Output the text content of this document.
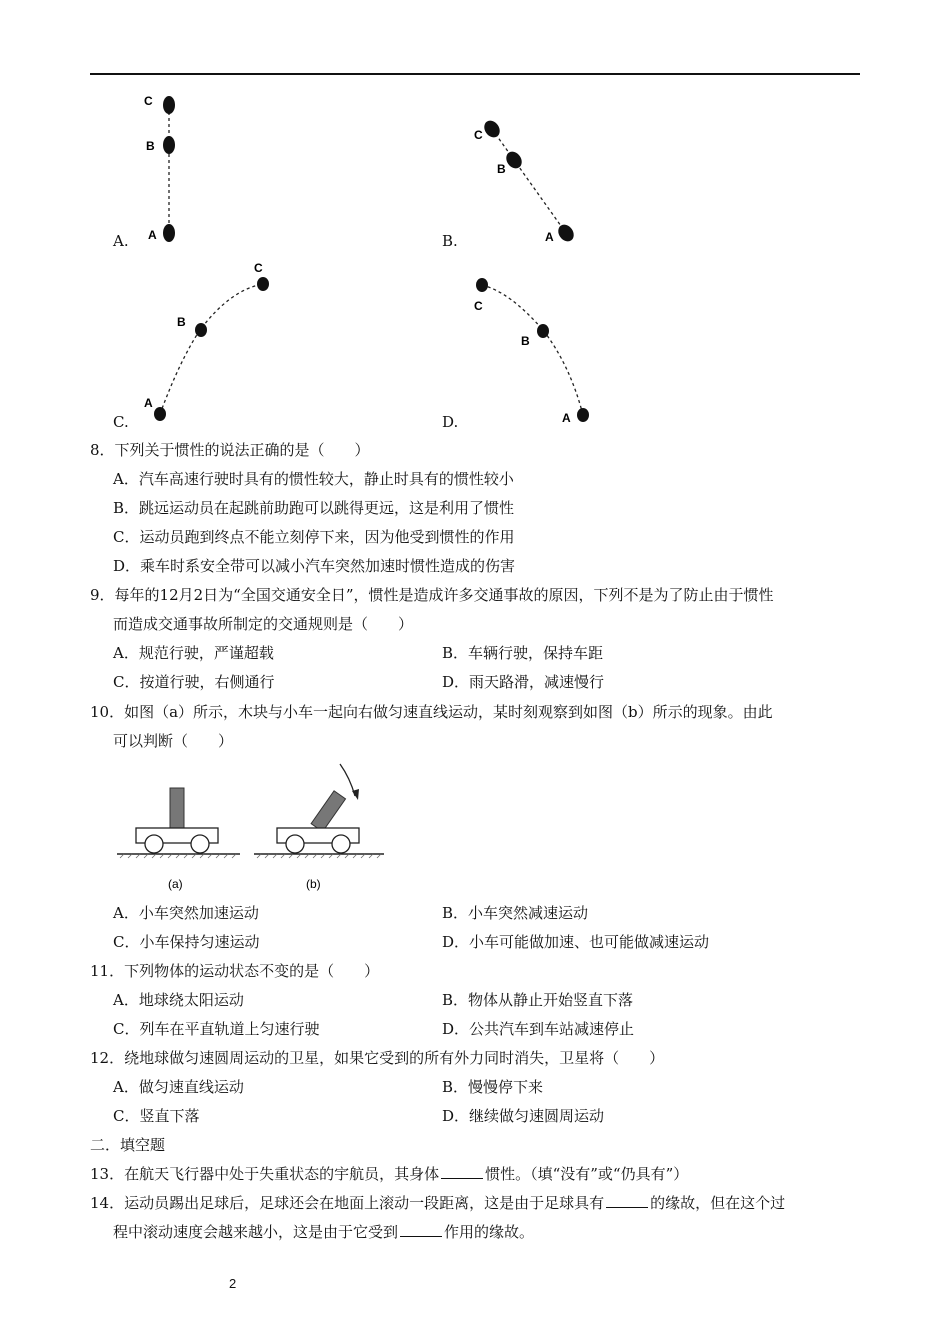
C
B
A
A.
C
B
A
B.
A
B
C
C.
C
B
A
D.
8．下列关于惯性的说法正确的是（　　）
A．汽车高速行驶时具有的惯性较大，静止时具有的惯性较小
B．跳远运动员在起跳前助跑可以跳得更远，这是利用了惯性
C．运动员跑到终点不能立刻停下来，因为他受到惯性的作用
D．乘车时系安全带可以减小汽车突然加速时惯性造成的伤害
9．每年的12月2日为“全国交通安全日”，惯性是造成许多交通事故的原因，下列不是为了防止由于惯性
而造成交通事故所制定的交通规则是（　　）
A．规范行驶，严谨超载	B．车辆行驶，保持车距
C．按道行驶，右侧通行	D．雨天路滑，减速慢行
10．如图（a）所示，木块与小车一起向右做匀速直线运动，某时刻观察到如图（b）所示的现象。由此
可以判断（　　）
(a)	(b)
A．小车突然加速运动	B．小车突然减速运动
C．小车保持匀速运动	D．小车可能做加速、也可能做减速运动
11．下列物体的运动状态不变的是（　　）
A．地球绕太阳运动	B．物体从静止开始竖直下落
C．列车在平直轨道上匀速行驶	D．公共汽车到车站减速停止
12．绕地球做匀速圆周运动的卫星，如果它受到的所有外力同时消失，卫星将（　　）
A．做匀速直线运动	B．慢慢停下来
C．竖直下落	D．继续做匀速圆周运动
二．填空题
13．在航天飞行器中处于失重状态的宇航员，其身体	惯性。（填“没有”或“仍具有”）
14．运动员踢出足球后，足球还会在地面上滚动一段距离，这是由于足球具有	的缘故，但在这个过
程中滚动速度会越来越小，这是由于它受到	作用的缘故。
2
